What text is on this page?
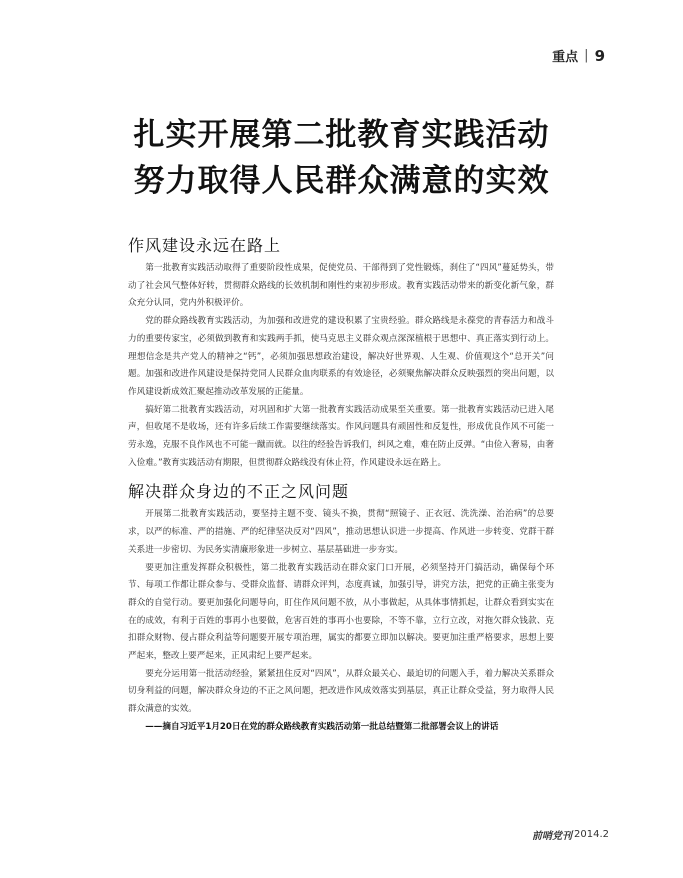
重点 | 9
扎实开展第二批教育实践活动
努力取得人民群众满意的实效
作风建设永远在路上

第一批教育实践活动取得了重要阶段性成果，促使党员、干部得到了党性锻炼，刹住了“四风”蔓延势头，带动了社会风气整体好转，贯彻群众路线的长效机制和刚性约束初步形成。教育实践活动带来的新变化新气象，群众充分认同，党内外积极评价。

党的群众路线教育实践活动，为加强和改进党的建设积累了宝贵经验。群众路线是永葆党的青春活力和战斗力的重要传家宝，必须做到教育和实践两手抓，使马克思主义群众观点深深植根于思想中、真正落实到行动上。理想信念是共产党人的精神之“钙”，必须加强思想政治建设，解决好世界观、人生观、价值观这个“总开关”问题。加强和改进作风建设是保持党同人民群众血肉联系的有效途径，必须聚焦解决群众反映强烈的突出问题，以作风建设新成效汇聚起推动改革发展的正能量。

搞好第二批教育实践活动，对巩固和扩大第一批教育实践活动成果至关重要。第一批教育实践活动已进入尾声，但收尾不是收场，还有许多后续工作需要继续落实。作风问题具有顽固性和反复性，形成优良作风不可能一劳永逸，克服不良作风也不可能一蹴而就。以往的经验告诉我们，纠风之难，难在防止反弹。“由俭入奢易，由奢入俭难。”教育实践活动有期限，但贯彻群众路线没有休止符，作风建设永远在路上。

解决群众身边的不正之风问题

开展第二批教育实践活动，要坚持主题不变、镜头不换，贯彻“照镜子、正衣冠、洗洗澡、治治病”的总要求，以严的标准、严的措施、严的纪律坚决反对“四风”，推动思想认识进一步提高、作风进一步转变、党群干群关系进一步密切、为民务实清廉形象进一步树立、基层基础进一步夯实。

要更加注重发挥群众积极性，第二批教育实践活动在群众家门口开展，必须坚持开门搞活动，确保每个环节、每项工作都让群众参与、受群众监督、请群众评判，态度真诚，加强引导，讲究方法，把党的正确主张变为群众的自觉行动。要更加强化问题导向，盯住作风问题不放，从小事做起，从具体事情抓起，让群众看到实实在在的成效，有利于百姓的事再小也要做，危害百姓的事再小也要除，不等不靠，立行立改，对拖欠群众钱款、克扣群众财物、侵占群众利益等问题要开展专项治理，属实的都要立即加以解决。要更加注重严格要求，思想上要严起来，整改上要严起来，正风肃纪上要严起来。

要充分运用第一批活动经验，紧紧扭住反对“四风”，从群众最关心、最迫切的问题入手，着力解决关系群众切身利益的问题，解决群众身边的不正之风问题，把改进作风成效落实到基层，真正让群众受益，努力取得人民群众满意的实效。

——摘自习近平1月20日在党的群众路线教育实践活动第一批总结暨第二批部署会议上的讲话

前哨党刊 2014.2
